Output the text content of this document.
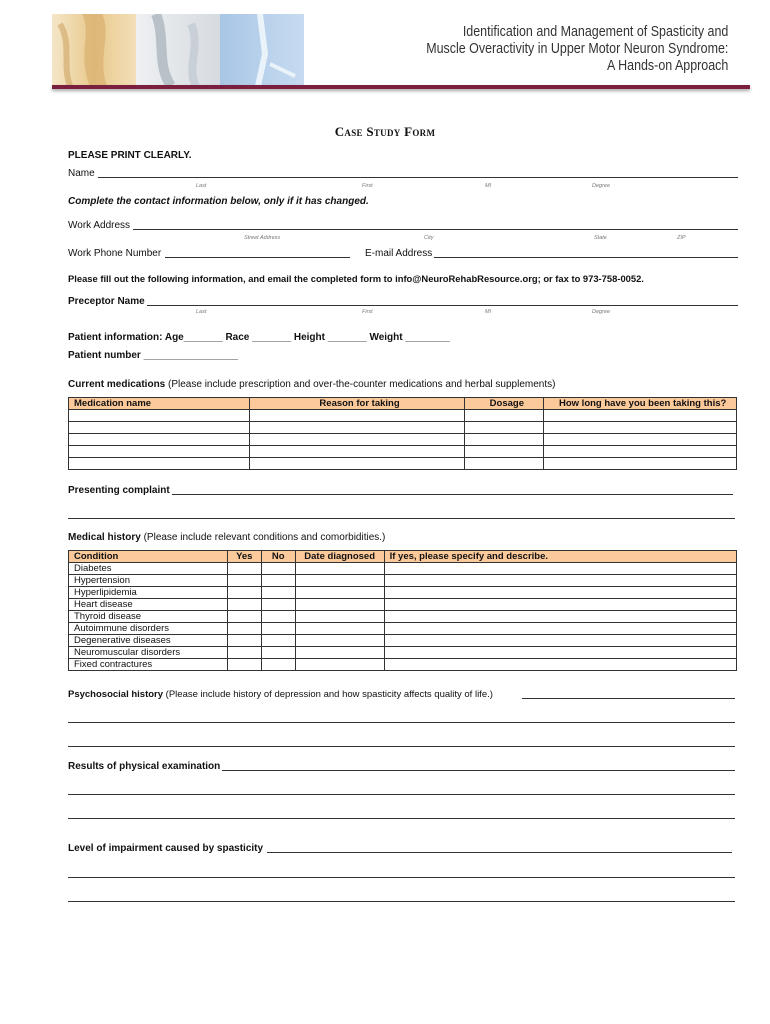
Identification and Management of Spasticity and
Muscle Overactivity in Upper Motor Neuron Syndrome:
A Hands-on Approach
Case Study Form
PLEASE PRINT CLEARLY.
Name
Last	First	MI	Degree
Complete the contact information below, only if it has changed.
Work Address
Street Address	City	State	ZIP
Work Phone Number	E-mail Address
Please fill out the following information, and email the completed form to info@NeuroRehabResource.org; or fax to 973-758-0052.
Preceptor Name
Last	First	MI	Degree
Patient information: Age_______ Race _______ Height _______ Weight ________
Patient number _________________
Current medications (Please include prescription and over-the-counter medications and herbal supplements)
Medication name	Reason for taking	Dosage	How long have you been taking this?

Presenting complaint
Medical history (Please include relevant conditions and comorbidities.)
Condition	Yes	No	Date diagnosed	If yes, please specify and describe.
Diabetes				
Hypertension				
Hyperlipidemia				
Heart disease				
Thyroid disease				
Autoimmune disorders				
Degenerative diseases				
Neuromuscular disorders				
Fixed contractures				
Psychosocial history (Please include history of depression and how spasticity affects quality of life.)
Results of physical examination
Level of impairment caused by spasticity
